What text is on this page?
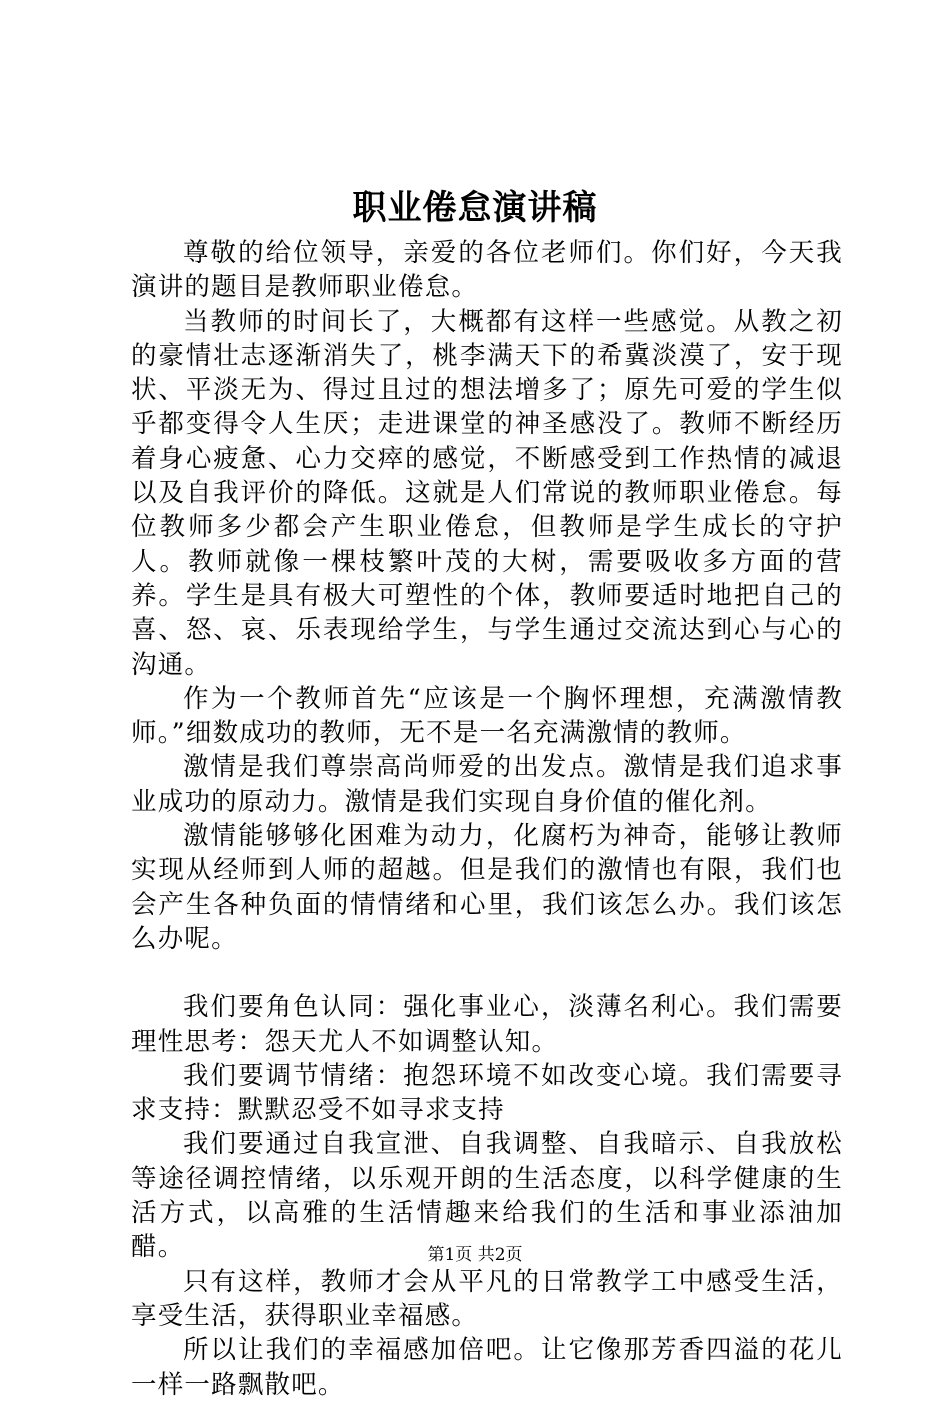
职业倦怠演讲稿

尊敬的给位领导，亲爱的各位老师们。你们好，今天我演讲的题目是教师职业倦怠。

当教师的时间长了，大概都有这样一些感觉。从教之初的豪情壮志逐渐消失了，桃李满天下的希冀淡漠了，安于现状、平淡无为、得过且过的想法增多了；原先可爱的学生似乎都变得令人生厌；走进课堂的神圣感没了。教师不断经历着身心疲惫、心力交瘁的感觉，不断感受到工作热情的减退以及自我评价的降低。这就是人们常说的教师职业倦怠。每位教师多少都会产生职业倦怠，但教师是学生成长的守护人。教师就像一棵枝繁叶茂的大树，需要吸收多方面的营养。学生是具有极大可塑性的个体，教师要适时地把自己的喜、怒、哀、乐表现给学生，与学生通过交流达到心与心的沟通。

作为一个教师首先“应该是一个胸怀理想，充满激情教师。”细数成功的教师，无不是一名充满激情的教师。

激情是我们尊崇高尚师爱的出发点。激情是我们追求事业成功的原动力。激情是我们实现自身价值的催化剂。

激情能够够化困难为动力，化腐朽为神奇，能够让教师实现从经师到人师的超越。但是我们的激情也有限，我们也会产生各种负面的情情绪和心里，我们该怎么办。我们该怎么办呢。

我们要角色认同：强化事业心，淡薄名利心。我们需要理性思考：怨天尤人不如调整认知。

我们要调节情绪：抱怨环境不如改变心境。我们需要寻求支持：默默忍受不如寻求支持

我们要通过自我宣泄、自我调整、自我暗示、自我放松等途径调控情绪，以乐观开朗的生活态度，以科学健康的生活方式，以高雅的生活情趣来给我们的生活和事业添油加醋。

只有这样，教师才会从平凡的日常教学工中感受生活，享受生活，获得职业幸福感。

所以让我们的幸福感加倍吧。让它像那芳香四溢的花儿一样一路飘散吧。

第1页 共2页
